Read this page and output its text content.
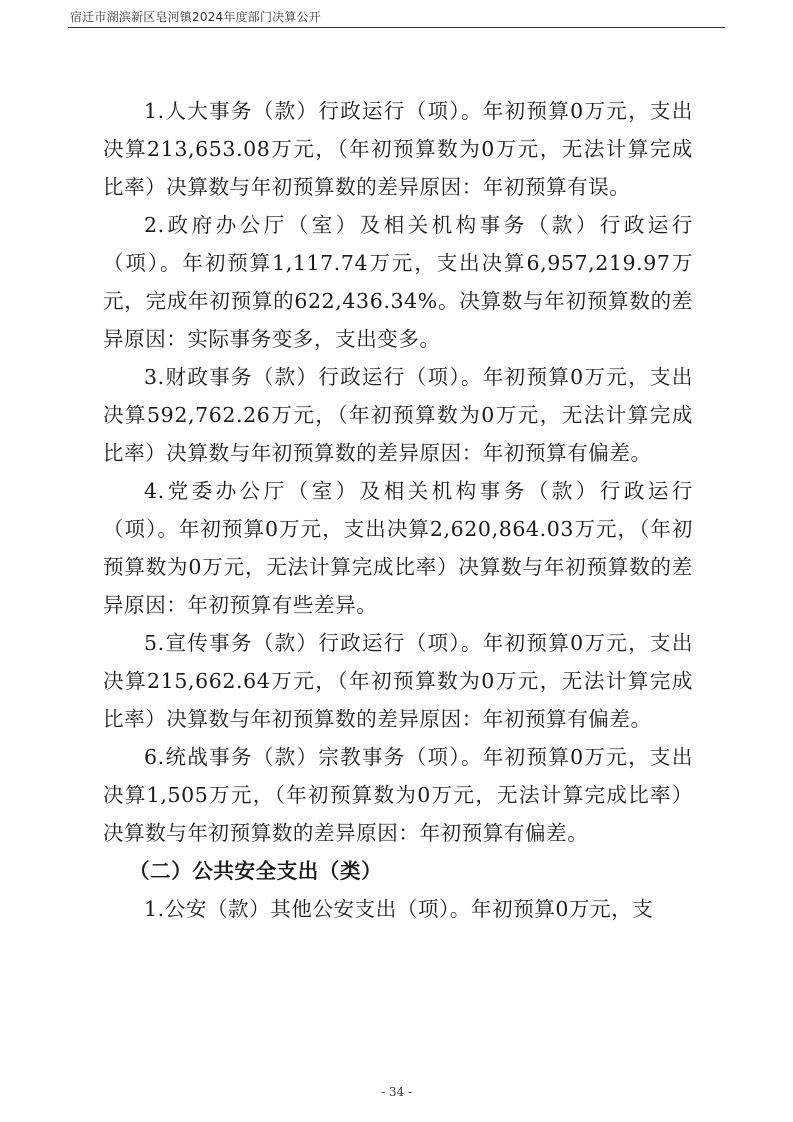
宿迁市湖滨新区皂河镇2024年度部门决算公开

1.人大事务（款）行政运行（项）。年初预算0万元，支出决算213,653.08万元，（年初预算数为0万元，无法计算完成比率）决算数与年初预算数的差异原因：年初预算有误。

2.政府办公厅（室）及相关机构事务（款）行政运行（项）。年初预算1,117.74万元，支出决算6,957,219.97万元，完成年初预算的622,436.34%。决算数与年初预算数的差异原因：实际事务变多，支出变多。

3.财政事务（款）行政运行（项）。年初预算0万元，支出决算592,762.26万元，（年初预算数为0万元，无法计算完成比率）决算数与年初预算数的差异原因：年初预算有偏差。

4.党委办公厅（室）及相关机构事务（款）行政运行（项）。年初预算0万元，支出决算2,620,864.03万元，（年初预算数为0万元，无法计算完成比率）决算数与年初预算数的差异原因：年初预算有些差异。

5.宣传事务（款）行政运行（项）。年初预算0万元，支出决算215,662.64万元，（年初预算数为0万元，无法计算完成比率）决算数与年初预算数的差异原因：年初预算有偏差。

6.统战事务（款）宗教事务（项）。年初预算0万元，支出决算1,505万元，（年初预算数为0万元，无法计算完成比率）决算数与年初预算数的差异原因：年初预算有偏差。

（二）公共安全支出（类）

1.公安（款）其他公安支出（项）。年初预算0万元，支

- 34 -
